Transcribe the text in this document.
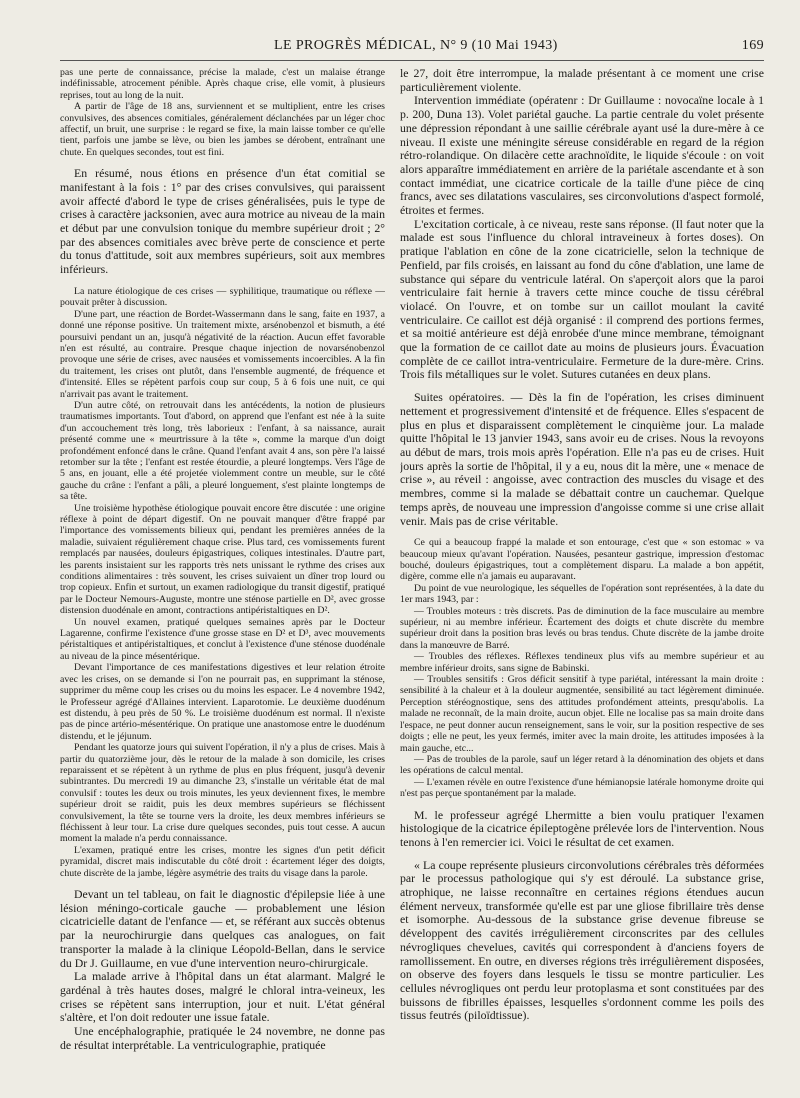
LE PROGRÈS MÉDICAL, N° 9 (10 Mai 1943)	169

pas une perte de connaissance, précise la malade, c'est un malaise étrange indéfinissable, atrocement pénible. Après chaque crise, elle vomit, à plusieurs reprises, tout au long de la nuit.

A partir de l'âge de 18 ans, surviennent et se multiplient, entre les crises convulsives, des absences comitiales, généralement déclanchées par un léger choc affectif, un bruit, une surprise : le regard se fixe, la main laisse tomber ce qu'elle tient, parfois une jambe se lève, ou bien les jambes se dérobent, entraînant une chute. En quelques secondes, tout est fini.

En résumé, nous étions en présence d'un état comitial se manifestant à la fois : 1° par des crises convulsives, qui paraissent avoir affecté d'abord le type de crises généralisées, puis le type de crises à caractère jacksonien, avec aura motrice au niveau de la main et début par une convulsion tonique du membre supérieur droit ; 2° par des absences comitiales avec brève perte de conscience et perte du tonus d'attitude, soit aux membres supérieurs, soit aux membres inférieurs.

La nature étiologique de ces crises — syphilitique, traumatique ou réflexe — pouvait prêter à discussion.

D'une part, une réaction de Bordet-Wassermann dans le sang, faite en 1937, a donné une réponse positive. Un traitement mixte, arsénobenzol et bismuth, a été poursuivi pendant un an, jusqu'à négativité de la réaction. Aucun effet favorable n'en est résulté, au contraire. Presque chaque injection de novarsénobenzol provoque une série de crises, avec nausées et vomissements incoercibles. A la fin du traitement, les crises ont plutôt, dans l'ensemble augmenté, de fréquence et d'intensité. Elles se répètent parfois coup sur coup, 5 à 6 fois une nuit, ce qui n'arrivait pas avant le traitement.

D'un autre côté, on retrouvait dans les antécédents, la notion de plusieurs traumatismes importants. Tout d'abord, on apprend que l'enfant est née à la suite d'un accouchement très long, très laborieux : l'enfant, à sa naissance, aurait présenté comme une « meurtrissure à la tête », comme la marque d'un doigt profondément enfoncé dans le crâne. Quand l'enfant avait 4 ans, son père l'a laissé retomber sur la tête ; l'enfant est restée étourdie, a pleuré longtemps. Vers l'âge de 5 ans, en jouant, elle a été projetée violemment contre un meuble, sur le côté gauche du crâne : l'enfant a pâli, a pleuré longuement, s'est plainte longtemps de sa tête.

Une troisième hypothèse étiologique pouvait encore être discutée : une origine réflexe à point de départ digestif. On ne pouvait manquer d'être frappé par l'importance des vomissements bilieux qui, pendant les premières années de la maladie, suivaient régulièrement chaque crise. Plus tard, ces vomissements furent remplacés par nausées, douleurs épigastriques, coliques intestinales. D'autre part, les parents insistaient sur les rapports très nets unissant le rythme des crises aux conditions alimentaires : très souvent, les crises suivaient un dîner trop lourd ou trop copieux. Enfin et surtout, un examen radiologique du transit digestif, pratiqué par le Docteur Nemours-Auguste, montre une sténose partielle en D², avec grosse distension duodénale en amont, contractions antipéristaltiques en D².

Un nouvel examen, pratiqué quelques semaines après par le Docteur Lagarenne, confirme l'existence d'une grosse stase en D² et D³, avec mouvements péristaltiques et antipéristaltiques, et conclut à l'existence d'une sténose duodénale au niveau de la pince mésentérique.

Devant l'importance de ces manifestations digestives et leur relation étroite avec les crises, on se demande si l'on ne pourrait pas, en supprimant la sténose, supprimer du même coup les crises ou du moins les espacer. Le 4 novembre 1942, le Professeur agrégé d'Allaines intervient. Laparotomie. Le deuxième duodénum est distendu, à peu près de 50 %. Le troisième duodénum est normal. Il n'existe pas de pince artério-mésentérique. On pratique une anastomose entre le duodénum distendu, et le jéjunum.

Pendant les quatorze jours qui suivent l'opération, il n'y a plus de crises. Mais à partir du quatorzième jour, dès le retour de la malade à son domicile, les crises reparaissent et se répètent à un rythme de plus en plus fréquent, jusqu'à devenir subintrantes. Du mercredi 19 au dimanche 23, s'installe un véritable état de mal convulsif : toutes les deux ou trois minutes, les yeux deviennent fixes, le membre supérieur droit se raidit, puis les deux membres supérieurs se fléchissent convulsivement, la tête se tourne vers la droite, les deux membres inférieurs se fléchissent à leur tour. La crise dure quelques secondes, puis tout cesse. A aucun moment la malade n'a perdu connaissance.

L'examen, pratiqué entre les crises, montre les signes d'un petit déficit pyramidal, discret mais indiscutable du côté droit : écartement léger des doigts, chute discrète de la jambe, légère asymétrie des traits du visage dans la parole.

Devant un tel tableau, on fait le diagnostic d'épilepsie liée à une lésion méningo-corticale gauche — probablement une lésion cicatricielle datant de l'enfance — et, se référant aux succès obtenus par la neurochirurgie dans quelques cas analogues, on fait transporter la malade à la clinique Léopold-Bellan, dans le service du Dr J. Guillaume, en vue d'une intervention neuro-chirurgicale.

La malade arrive à l'hôpital dans un état alarmant. Malgré le gardénal à très hautes doses, malgré le chloral intra-veineux, les crises se répètent sans interruption, jour et nuit. L'état général s'altère, et l'on doit redouter une issue fatale.

Une encéphalographie, pratiquée le 24 novembre, ne donne pas de résultat interprétable. La ventriculographie, pratiquée

le 27, doit être interrompue, la malade présentant à ce moment une crise particulièrement violente.

Intervention immédiate (opératenr : Dr Guillaume : novocaïne locale à 1 p. 200, Duna 13). Volet pariétal gauche. La partie centrale du volet présente une dépression répondant à une saillie cérébrale ayant usé la dure-mère à ce niveau. Il existe une méningite séreuse considérable en regard de la région rétro-rolandique. On dilacère cette arachnoïdite, le liquide s'écoule : on voit alors apparaître immédiatement en arrière de la pariétale ascendante et à son contact immédiat, une cicatrice corticale de la taille d'une pièce de cinq francs, avec ses dilatations vasculaires, ses circonvolutions d'aspect formolé, étroites et fermes.

L'excitation corticale, à ce niveau, reste sans réponse. (Il faut noter que la malade est sous l'influence du chloral intraveineux à fortes doses). On pratique l'ablation en cône de la zone cicatricielle, selon la technique de Penfield, par fils croisés, en laissant au fond du cône d'ablation, une lame de substance qui sépare du ventricule latéral. On s'aperçoit alors que la paroi ventriculaire fait hernie à travers cette mince couche de tissu cérébral violacé. On l'ouvre, et on tombe sur un caillot moulant la cavité ventriculaire. Ce caillot est déjà organisé : il comprend des portions fermes, et sa moitié antérieure est déjà enrobée d'une mince membrane, témoignant que la formation de ce caillot date au moins de plusieurs jours. Évacuation complète de ce caillot intra-ventriculaire. Fermeture de la dure-mère. Crins. Trois fils métalliques sur le volet. Sutures cutanées en deux plans.

Suites opératoires. — Dès la fin de l'opération, les crises diminuent nettement et progressivement d'intensité et de fréquence. Elles s'espacent de plus en plus et disparaissent complètement le cinquième jour. La malade quitte l'hôpital le 13 janvier 1943, sans avoir eu de crises. Nous la revoyons au début de mars, trois mois après l'opération. Elle n'a pas eu de crises. Huit jours après la sortie de l'hôpital, il y a eu, nous dit la mère, une « menace de crise », au réveil : angoisse, avec contraction des muscles du visage et des membres, comme si la malade se débattait contre un cauchemar. Quelque temps après, de nouveau une impression d'angoisse comme si une crise allait venir. Mais pas de crise véritable.

Ce qui a beaucoup frappé la malade et son entourage, c'est que « son estomac » va beaucoup mieux qu'avant l'opération. Nausées, pesanteur gastrique, impression d'estomac bouché, douleurs épigastriques, tout a complètement disparu. La malade a bon appétit, digère, comme elle n'a jamais eu auparavant.

Du point de vue neurologique, les séquelles de l'opération sont représentées, à la date du 1er mars 1943, par :

— Troubles moteurs : très discrets. Pas de diminution de la face musculaire au membre supérieur, ni au membre inférieur. Écartement des doigts et chute discrète du membre supérieur droit dans la position bras levés ou bras tendus. Chute discrète de la jambe droite dans la manœuvre de Barré.

— Troubles des réflexes. Réflexes tendineux plus vifs au membre supérieur et au membre inférieur droits, sans signe de Babinski.

— Troubles sensitifs : Gros déficit sensitif à type pariétal, intéressant la main droite : sensibilité à la chaleur et à la douleur augmentée, sensibilité au tact légèrement diminuée. Perception stéréognostique, sens des attitudes profondément atteints, presqu'abolis. La malade ne reconnaît, de la main droite, aucun objet. Elle ne localise pas sa main droite dans l'espace, ne peut donner aucun renseignement, sans le voir, sur la position respective de ses doigts ; elle ne peut, les yeux fermés, imiter avec la main droite, les attitudes imposées à la main gauche, etc...

— Pas de troubles de la parole, sauf un léger retard à la dénomination des objets et dans les opérations de calcul mental.

— L'examen révèle en outre l'existence d'une hémianopsie latérale homonyme droite qui n'est pas perçue spontanément par la malade.

M. le professeur agrégé Lhermitte a bien voulu pratiquer l'examen histologique de la cicatrice épileptogène prélevée lors de l'intervention. Nous tenons à l'en remercier ici. Voici le résultat de cet examen.

« La coupe représente plusieurs circonvolutions cérébrales très déformées par le processus pathologique qui s'y est déroulé. La substance grise, atrophique, ne laisse reconnaître en certaines régions étendues aucun élément nerveux, transformée qu'elle est par une gliose fibrillaire très dense et isomorphe. Au-dessous de la substance grise devenue fibreuse se développent des cavités irrégulièrement circonscrites par des cellules névrogliques chevelues, cavités qui correspondent à d'anciens foyers de ramollissement. En outre, en diverses régions très irrégulièrement disposées, on observe des foyers dans lesquels le tissu se montre particulier. Les cellules névrogliques ont perdu leur protoplasma et sont constituées par des buissons de fibrilles épaisses, lesquelles s'ordonnent comme les poils des tissus feutrés (piloïdtissue).
